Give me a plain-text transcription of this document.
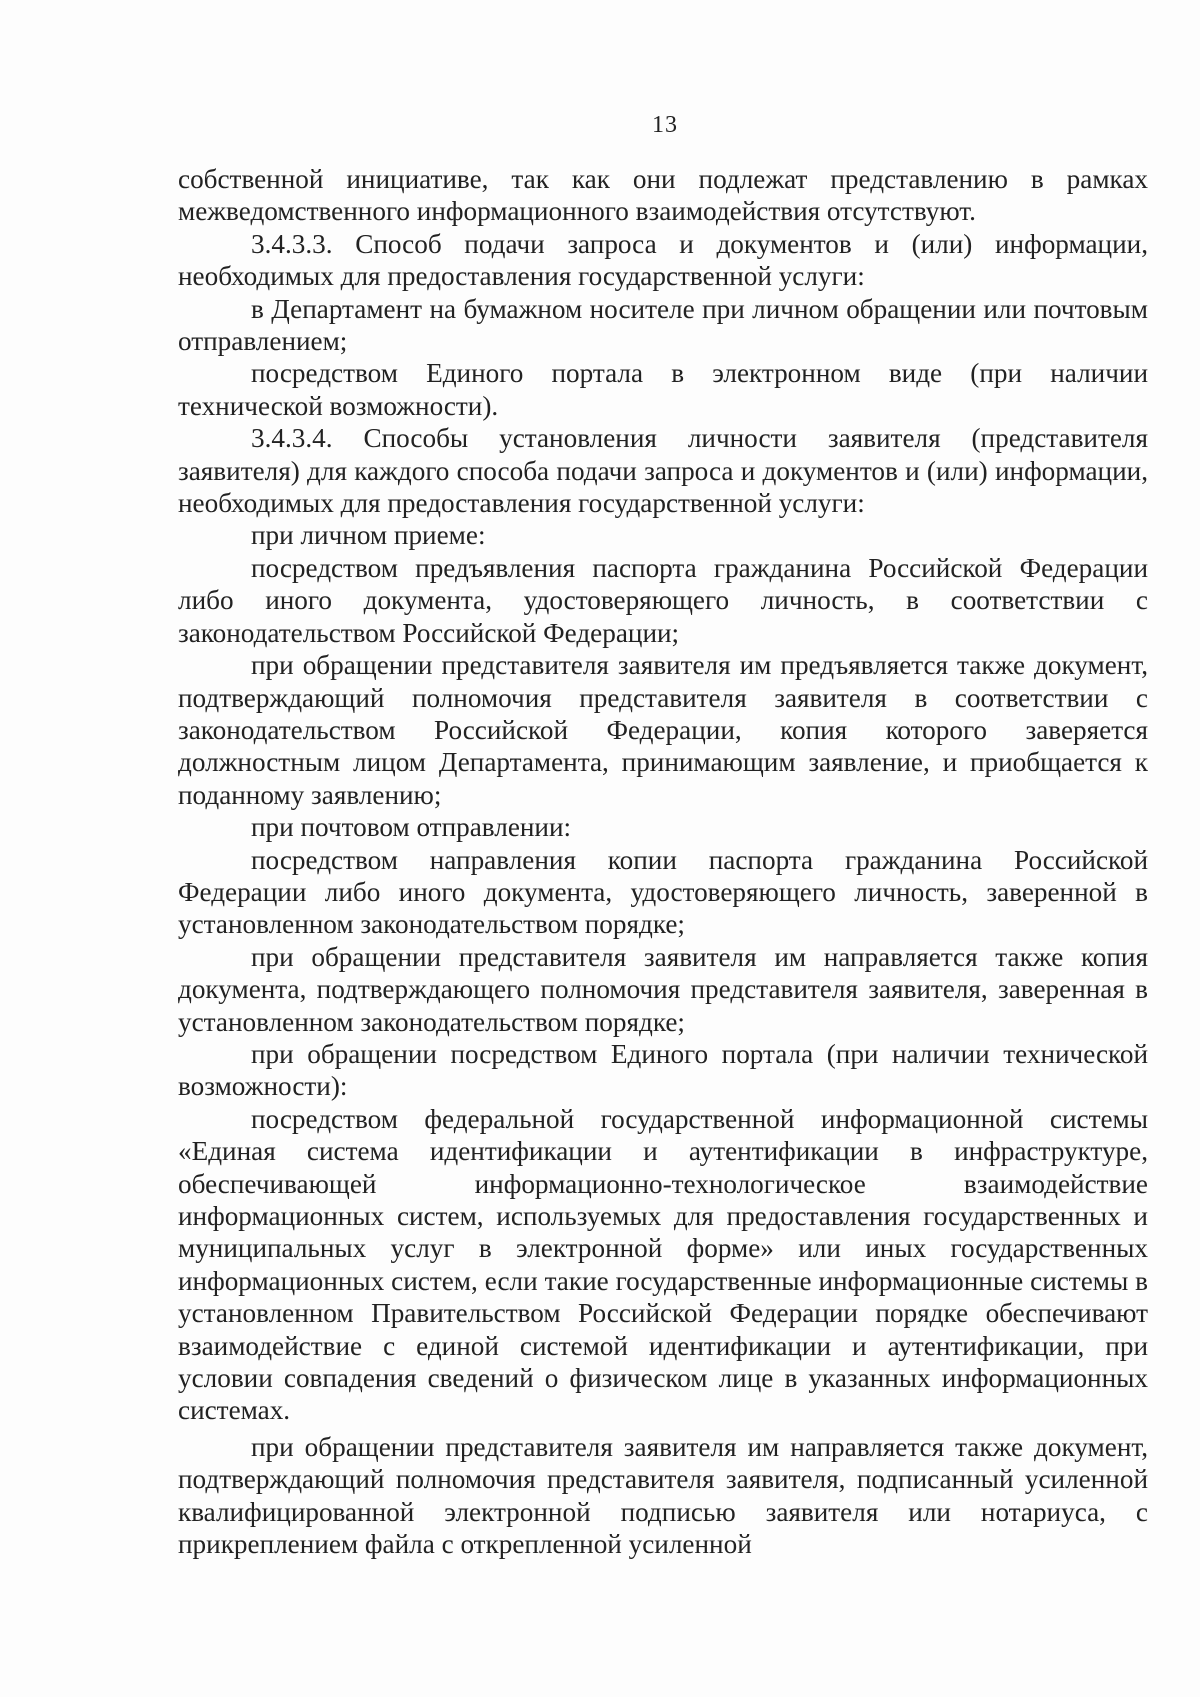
13

собственной инициативе, так как они подлежат представлению в рамках межведомственного информационного взаимодействия отсутствуют.

3.4.3.3. Способ подачи запроса и документов и (или) информации, необходимых для предоставления государственной услуги:

в Департамент на бумажном носителе при личном обращении или почтовым отправлением;

посредством Единого портала в электронном виде (при наличии технической возможности).

3.4.3.4. Способы установления личности заявителя (представителя заявителя) для каждого способа подачи запроса и документов и (или) информации, необходимых для предоставления государственной услуги:

при личном приеме:

посредством предъявления паспорта гражданина Российской Федерации либо иного документа, удостоверяющего личность, в соответствии с законодательством Российской Федерации;

при обращении представителя заявителя им предъявляется также документ, подтверждающий полномочия представителя заявителя в соответствии с законодательством Российской Федерации, копия которого заверяется должностным лицом Департамента, принимающим заявление, и приобщается к поданному заявлению;

при почтовом отправлении:

посредством направления копии паспорта гражданина Российской Федерации либо иного документа, удостоверяющего личность, заверенной в установленном законодательством порядке;

при обращении представителя заявителя им направляется также копия документа, подтверждающего полномочия представителя заявителя, заверенная в установленном законодательством порядке;

при обращении посредством Единого портала (при наличии технической возможности):

посредством федеральной государственной информационной системы «Единая система идентификации и аутентификации в инфраструктуре, обеспечивающей информационно-технологическое взаимодействие информационных систем, используемых для предоставления государственных и муниципальных услуг в электронной форме» или иных государственных информационных систем, если такие государственные информационные системы в установленном Правительством Российской Федерации порядке обеспечивают взаимодействие с единой системой идентификации и аутентификации, при условии совпадения сведений о физическом лице в указанных информационных системах.

при обращении представителя заявителя им направляется также документ, подтверждающий полномочия представителя заявителя, подписанный усиленной квалифицированной электронной подписью заявителя или нотариуса, с прикреплением файла с открепленной усиленной
